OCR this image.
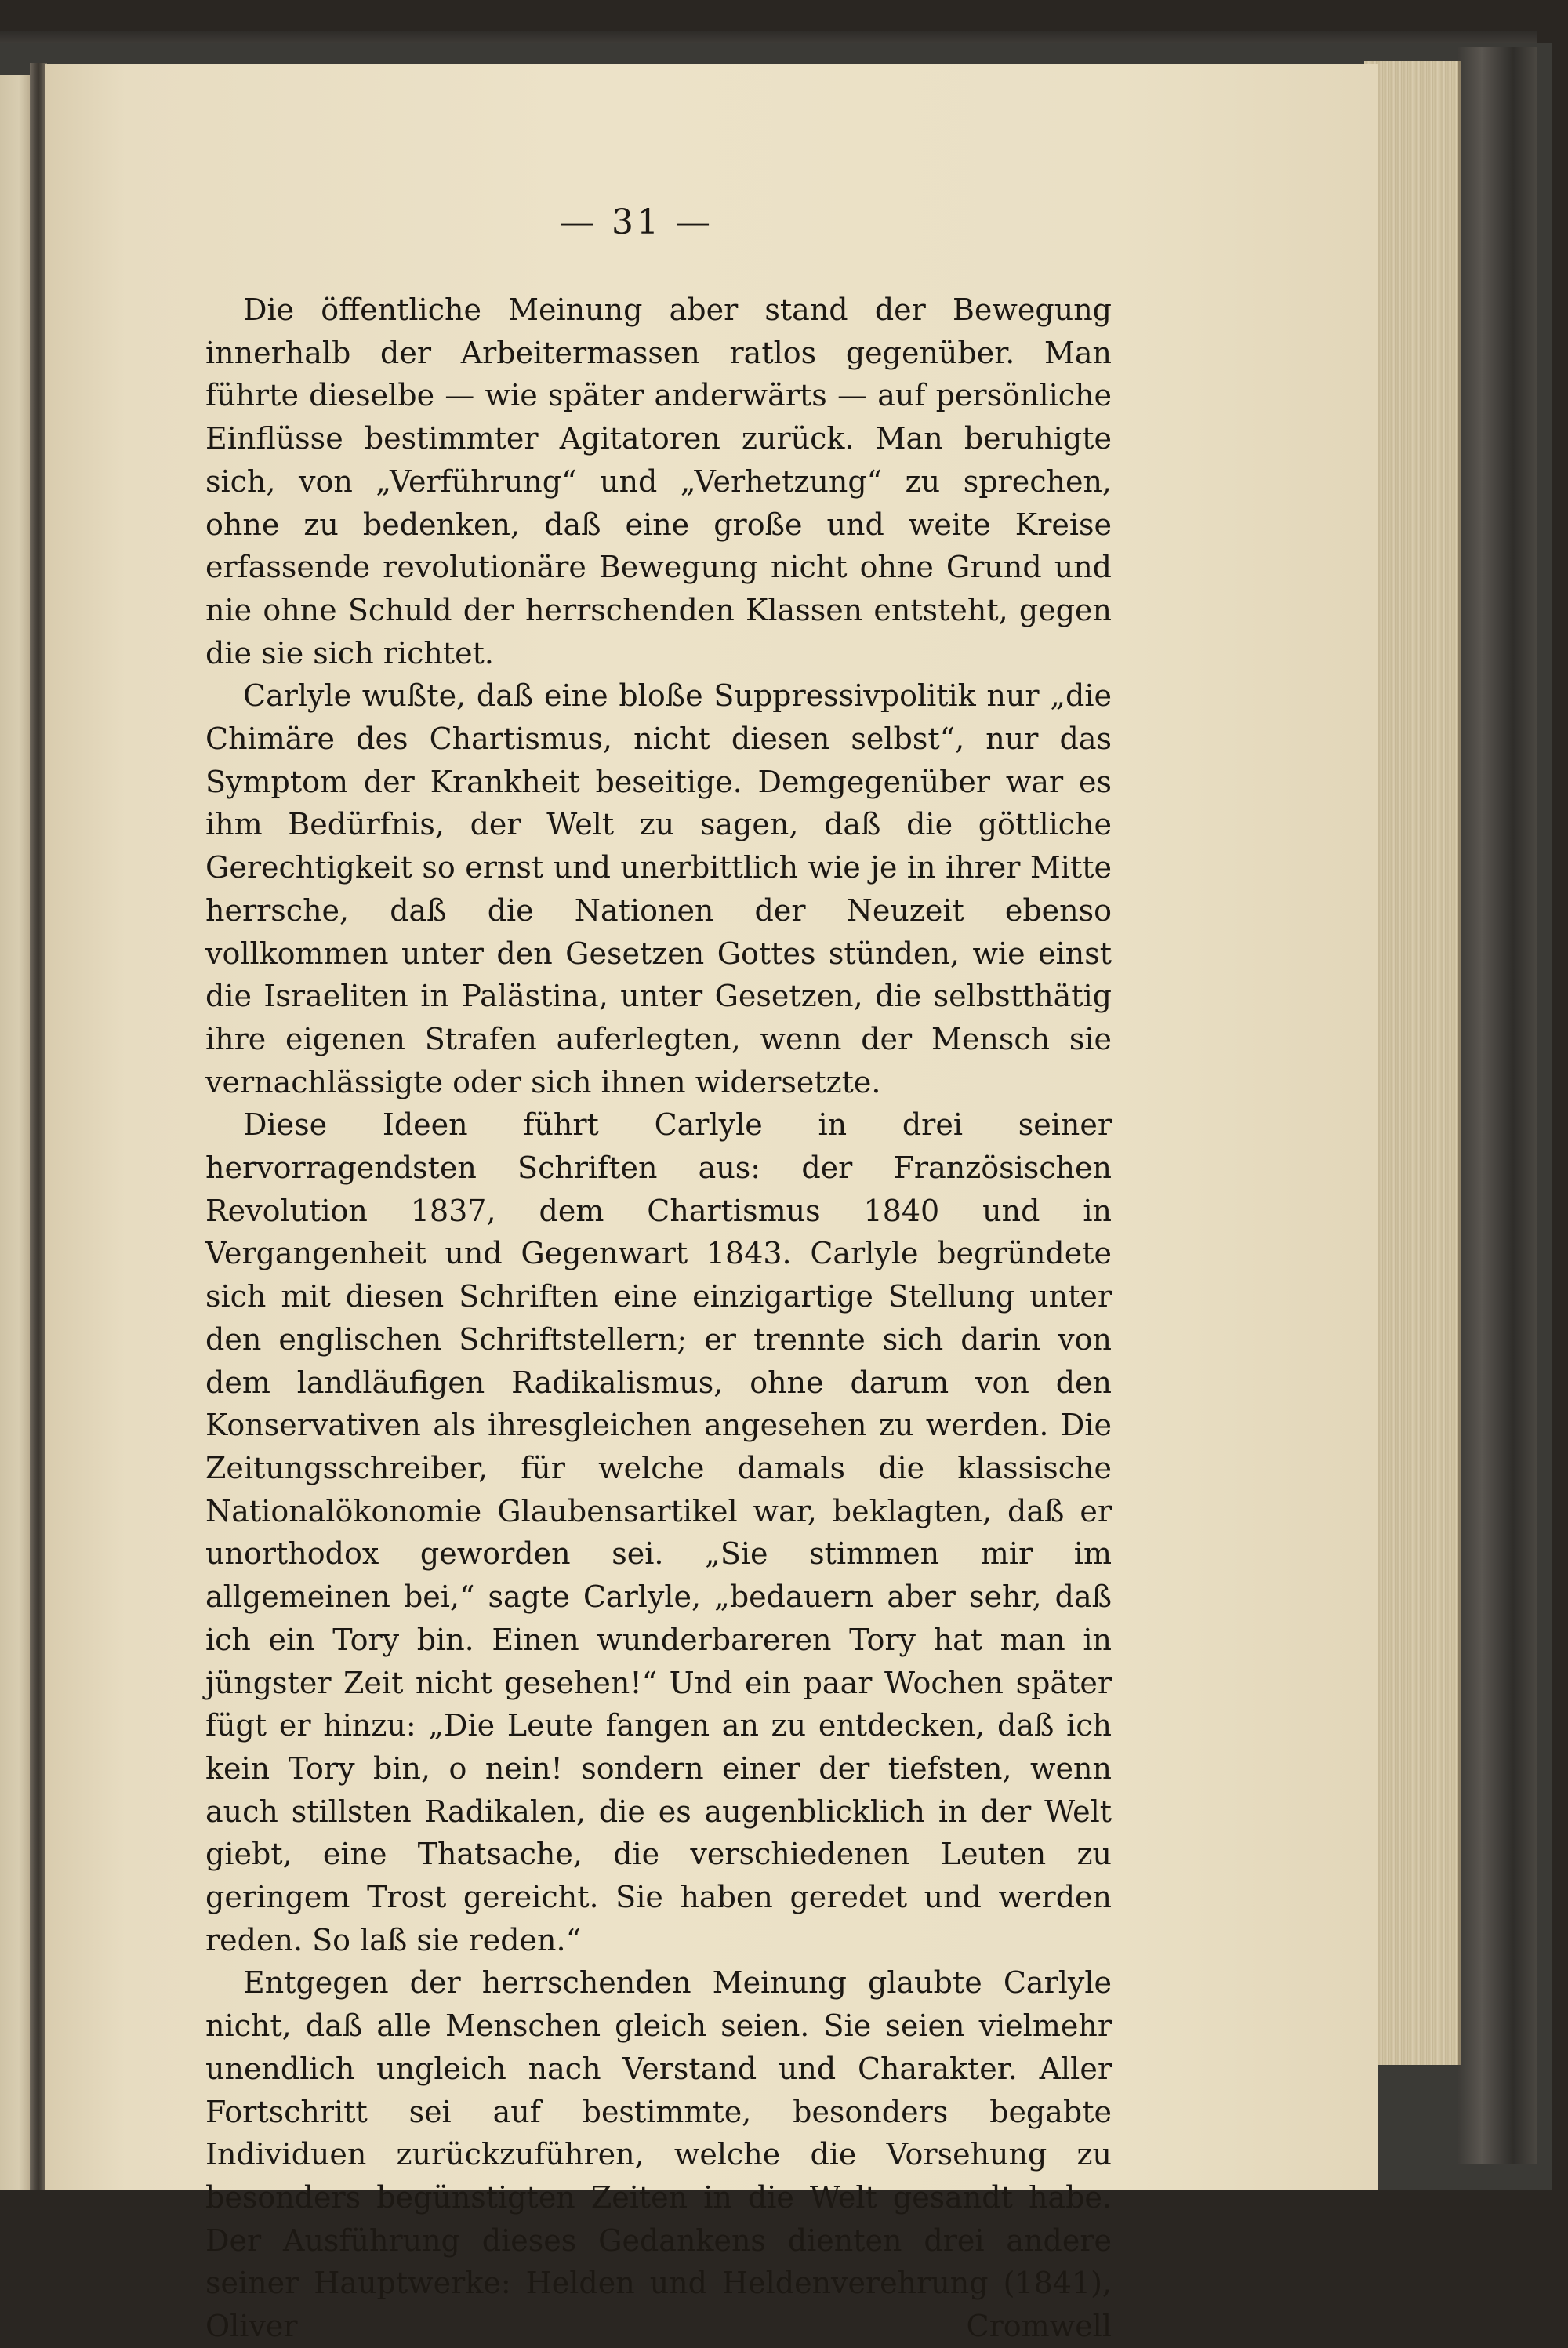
— 31 —

Die öffentliche Meinung aber stand der Bewegung innerhalb der Arbeitermassen ratlos gegenüber. Man führte dieselbe — wie später anderwärts — auf persönliche Einflüsse bestimmter Agitatoren zurück. Man beruhigte sich, von „Verführung“ und „Verhetzung“ zu sprechen, ohne zu bedenken, daß eine große und weite Kreise erfassende revolutionäre Bewegung nicht ohne Grund und nie ohne Schuld der herrschenden Klassen entsteht, gegen die sie sich richtet.

Carlyle wußte, daß eine bloße Suppressivpolitik nur „die Chimäre des Chartismus, nicht diesen selbst“, nur das Symptom der Krankheit beseitige. Demgegenüber war es ihm Bedürfnis, der Welt zu sagen, daß die göttliche Gerechtigkeit so ernst und unerbittlich wie je in ihrer Mitte herrsche, daß die Nationen der Neuzeit ebenso vollkommen unter den Gesetzen Gottes stünden, wie einst die Israeliten in Palästina, unter Gesetzen, die selbstthätig ihre eigenen Strafen auferlegten, wenn der Mensch sie vernachlässigte oder sich ihnen widersetzte.

Diese Ideen führt Carlyle in drei seiner hervorragendsten Schriften aus: der Französischen Revolution 1837, dem Chartismus 1840 und in Vergangenheit und Gegenwart 1843. Carlyle begründete sich mit diesen Schriften eine einzigartige Stellung unter den englischen Schriftstellern; er trennte sich darin von dem landläufigen Radikalismus, ohne darum von den Konservativen als ihresgleichen angesehen zu werden. Die Zeitungsschreiber, für welche damals die klassische Nationalökonomie Glaubensartikel war, beklagten, daß er unorthodox geworden sei. „Sie stimmen mir im allgemeinen bei,“ sagte Carlyle, „bedauern aber sehr, daß ich ein Tory bin. Einen wunderbareren Tory hat man in jüngster Zeit nicht gesehen!“ Und ein paar Wochen später fügt er hinzu: „Die Leute fangen an zu entdecken, daß ich kein Tory bin, o nein! sondern einer der tiefsten, wenn auch stillsten Radikalen, die es augenblicklich in der Welt giebt, eine Thatsache, die verschiedenen Leuten zu geringem Trost gereicht. Sie haben geredet und werden reden. So laß sie reden.“

Entgegen der herrschenden Meinung glaubte Carlyle nicht, daß alle Menschen gleich seien. Sie seien vielmehr unendlich ungleich nach Verstand und Charakter. Aller Fortschritt sei auf bestimmte, besonders begabte Individuen zurückzuführen, welche die Vorsehung zu besonders begünstigten Zeiten in die Welt gesandt habe. Der Ausführung dieses Gedankens dienten drei andere seiner Hauptwerke: Helden und Heldenverehrung (1841), Oliver Cromwell
